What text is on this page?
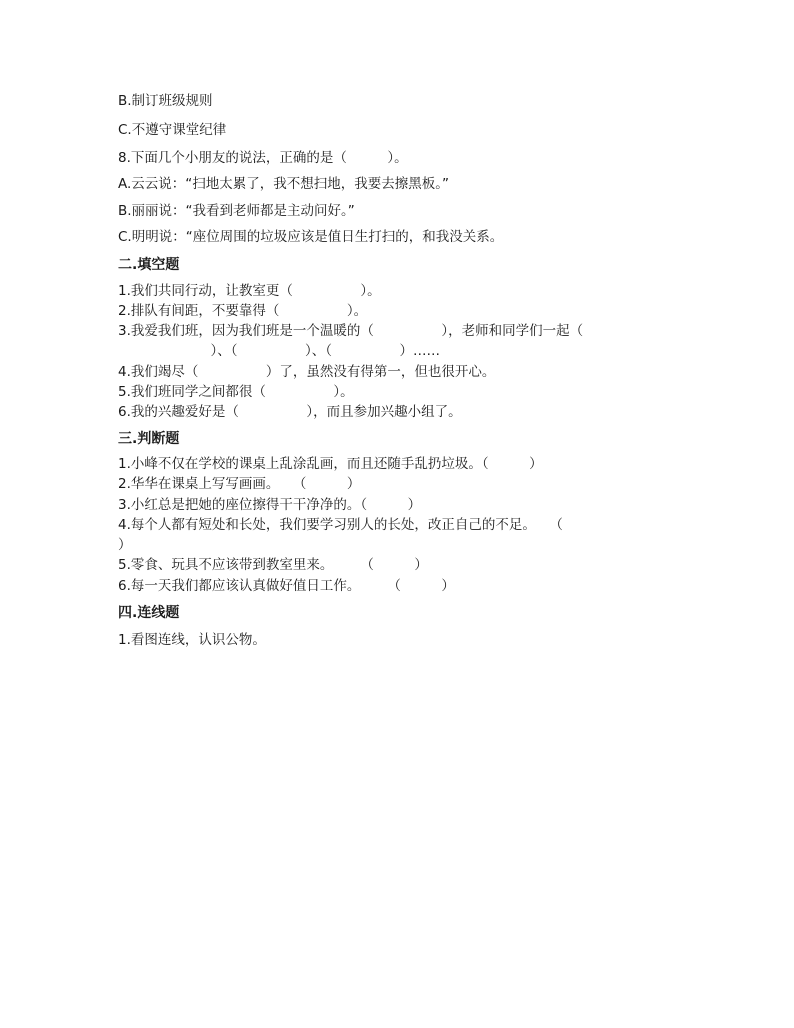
B.制订班级规则
C.不遵守课堂纪律
8.下面几个小朋友的说法，正确的是（　　　）。
A.云云说：“扫地太累了，我不想扫地，我要去擦黑板。”
B.丽丽说：“我看到老师都是主动问好。”
C.明明说：“座位周围的垃圾应该是值日生打扫的，和我没关系。
二.填空题
1.我们共同行动，让教室更（　　　　　）。
2.排队有间距，不要靠得（　　　　　）。
3.我爱我们班，因为我们班是一个温暖的（　　　　　），老师和同学们一起（
　　　）、（　　　　　）、（　　　　　）……
4.我们竭尽（　　　　　）了，虽然没有得第一，但也很开心。
5.我们班同学之间都很（　　　　　）。
6.我的兴趣爱好是（　　　　　），而且参加兴趣小组了。
三.判断题
1.小峰不仅在学校的课桌上乱涂乱画，而且还随手乱扔垃圾。（　　　）
2.华华在课桌上写写画画。　　（　　　）
3.小红总是把她的座位擦得干干净净的。（　　　）
4.每个人都有短处和长处，我们要学习别人的长处，改正自己的不足。　　（
）
5.零食、玩具不应该带到教室里来。　　　（　　　）
6.每一天我们都应该认真做好值日工作。　　　（　　　）
四.连线题
1.看图连线，认识公物。
